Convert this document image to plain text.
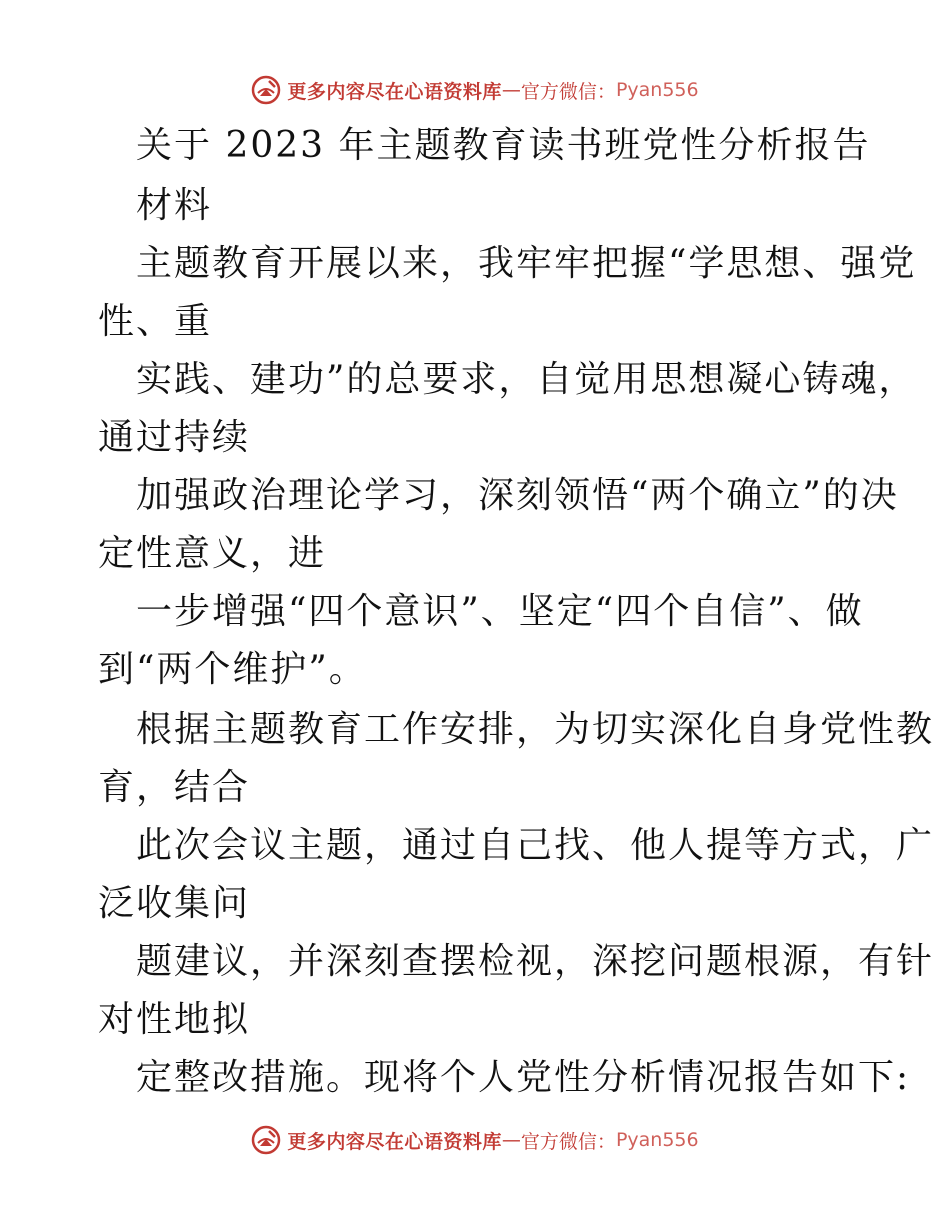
更多内容尽在心语资料库 — 官方微信： Pyan556
关于 2023 年主题教育读书班党性分析报告
材料
主题教育开展以来，我牢牢把握“学思想、强党
性、重
实践、建功”的总要求，自觉用思想凝心铸魂，
通过持续
加强政治理论学习，深刻领悟“两个确立”的决
定性意义，进
一步增强“四个意识”、坚定“四个自信”、做
到“两个维护”。
根据主题教育工作安排，为切实深化自身党性教
育，结合
此次会议主题，通过自己找、他人提等方式，广
泛收集问
题建议，并深刻查摆检视，深挖问题根源，有针
对性地拟
定整改措施。现将个人党性分析情况报告如下:
更多内容尽在心语资料库 — 官方微信： Pyan556
